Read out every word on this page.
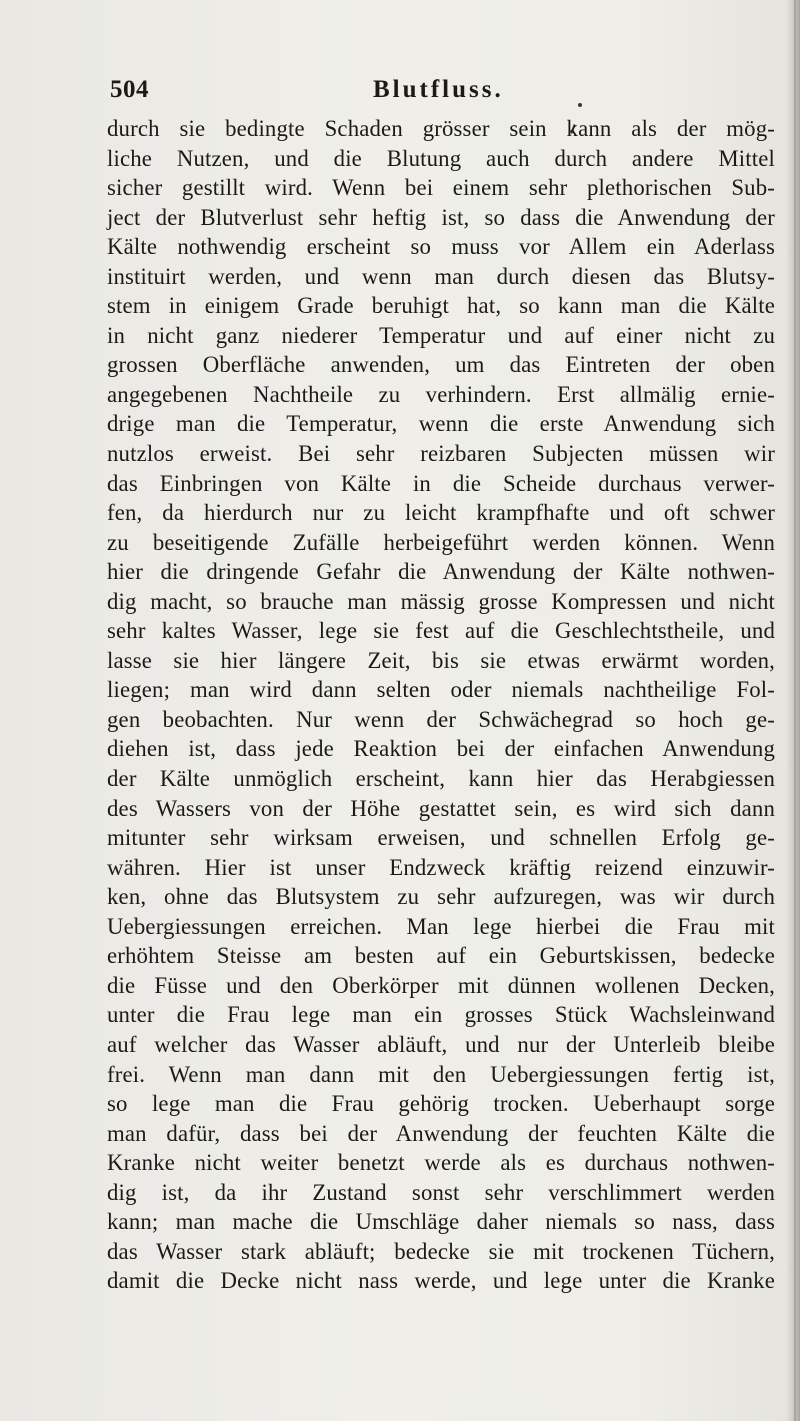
504	Blutfluss.
durch sie bedingte Schaden grösser sein kann als der mög-
liche Nutzen, und die Blutung auch durch andere Mittel
sicher gestillt wird. Wenn bei einem sehr plethorischen Sub-
ject der Blutverlust sehr heftig ist, so dass die Anwendung der
Kälte nothwendig erscheint so muss vor Allem ein Aderlass
instituirt werden, und wenn man durch diesen das Blutsy-
stem in einigem Grade beruhigt hat, so kann man die Kälte
in nicht ganz niederer Temperatur und auf einer nicht zu
grossen Oberfläche anwenden, um das Eintreten der oben
angegebenen Nachtheile zu verhindern. Erst allmälig ernie-
drige man die Temperatur, wenn die erste Anwendung sich
nutzlos erweist. Bei sehr reizbaren Subjecten müssen wir
das Einbringen von Kälte in die Scheide durchaus verwer-
fen, da hierdurch nur zu leicht krampfhafte und oft schwer
zu beseitigende Zufälle herbeigeführt werden können. Wenn
hier die dringende Gefahr die Anwendung der Kälte nothwen-
dig macht, so brauche man mässig grosse Kompressen und nicht
sehr kaltes Wasser, lege sie fest auf die Geschlechtstheile, und
lasse sie hier längere Zeit, bis sie etwas erwärmt worden,
liegen; man wird dann selten oder niemals nachtheilige Fol-
gen beobachten. Nur wenn der Schwächegrad so hoch ge-
diehen ist, dass jede Reaktion bei der einfachen Anwendung
der Kälte unmöglich erscheint, kann hier das Herabgiessen
des Wassers von der Höhe gestattet sein, es wird sich dann
mitunter sehr wirksam erweisen, und schnellen Erfolg ge-
währen. Hier ist unser Endzweck kräftig reizend einzuwir-
ken, ohne das Blutsystem zu sehr aufzuregen, was wir durch
Uebergiessungen erreichen. Man lege hierbei die Frau mit
erhöhtem Steisse am besten auf ein Geburtskissen, bedecke
die Füsse und den Oberkörper mit dünnen wollenen Decken,
unter die Frau lege man ein grosses Stück Wachsleinwand
auf welcher das Wasser abläuft, und nur der Unterleib bleibe
frei. Wenn man dann mit den Uebergiessungen fertig ist,
so lege man die Frau gehörig trocken. Ueberhaupt sorge
man dafür, dass bei der Anwendung der feuchten Kälte die
Kranke nicht weiter benetzt werde als es durchaus nothwen-
dig ist, da ihr Zustand sonst sehr verschlimmert werden
kann; man mache die Umschläge daher niemals so nass, dass
das Wasser stark abläuft; bedecke sie mit trockenen Tüchern,
damit die Decke nicht nass werde, und lege unter die Kranke
